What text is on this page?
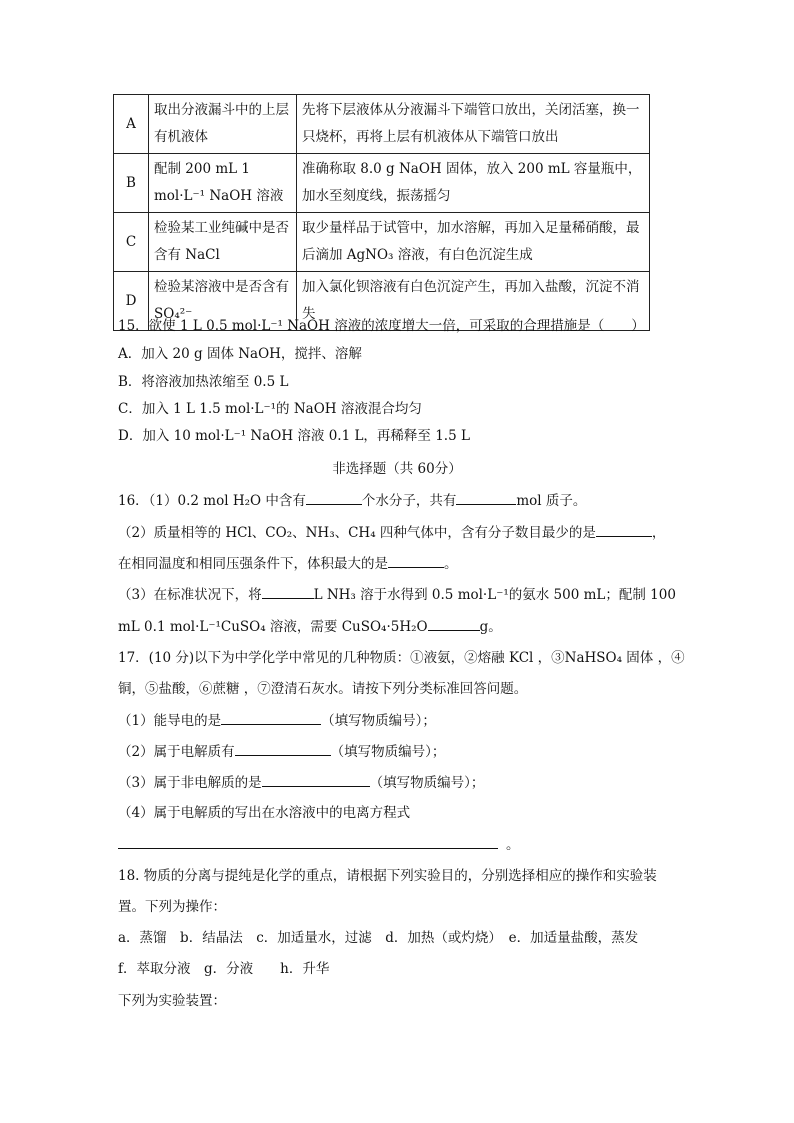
A	取出分液漏斗中的上层有机液体	先将下层液体从分液漏斗下端管口放出，关闭活塞，换一只烧杯，再将上层有机液体从下端管口放出
B	配制 200 mL 1 mol·L⁻¹ NaOH 溶液	准确称取 8.0 g NaOH 固体，放入 200 mL 容量瓶中，加水至刻度线，振荡摇匀
C	检验某工业纯碱中是否含有 NaCl	取少量样品于试管中，加水溶解，再加入足量稀硝酸，最后滴加 AgNO₃ 溶液，有白色沉淀生成
D	检验某溶液中是否含有 SO₄²⁻	加入氯化钡溶液有白色沉淀产生，再加入盐酸，沉淀不消失
15．欲使 1 L 0.5 mol·L⁻¹ NaOH 溶液的浓度增大一倍，可采取的合理措施是（　　）
A．加入 20 g 固体 NaOH，搅拌、溶解
B．将溶液加热浓缩至 0.5 L
C．加入 1 L 1.5 mol·L⁻¹的 NaOH 溶液混合均匀
D．加入 10 mol·L⁻¹ NaOH 溶液 0.1 L，再稀释至 1.5 L
非选择题（共 60分）
16．（1）0.2 mol H₂O 中含有	个水分子，共有	mol 质子。
（2）质量相等的 HCl、CO₂、NH₃、CH₄ 四种气体中，含有分子数目最少的是	，
在相同温度和相同压强条件下，体积最大的是	。
（3）在标准状况下，将	L NH₃ 溶于水得到 0.5 mol·L⁻¹的氨水 500 mL；配制 100
mL 0.1 mol·L⁻¹CuSO₄ 溶液，需要 CuSO₄·5H₂O	g。
17．(10 分)以下为中学化学中常见的几种物质：①液氨，②熔融 KCl ，③NaHSO₄ 固体 ，④
铜，⑤盐酸，⑥蔗糖 ，⑦澄清石灰水。请按下列分类标准回答问题。
（1）能导电的是	（填写物质编号）；
（2）属于电解质有	（填写物质编号）；
（3）属于非电解质的是	（填写物质编号）；
（4）属于电解质的写出在水溶液中的电离方程式
。
18. 物质的分离与提纯是化学的重点，请根据下列实验目的，分别选择相应的操作和实验装
置。下列为操作：
a．蒸馏　b．结晶法　c．加适量水，过滤　d．加热（或灼烧）　e．加适量盐酸，蒸发
f．萃取分液　g．分液　　h．升华
下列为实验装置：
